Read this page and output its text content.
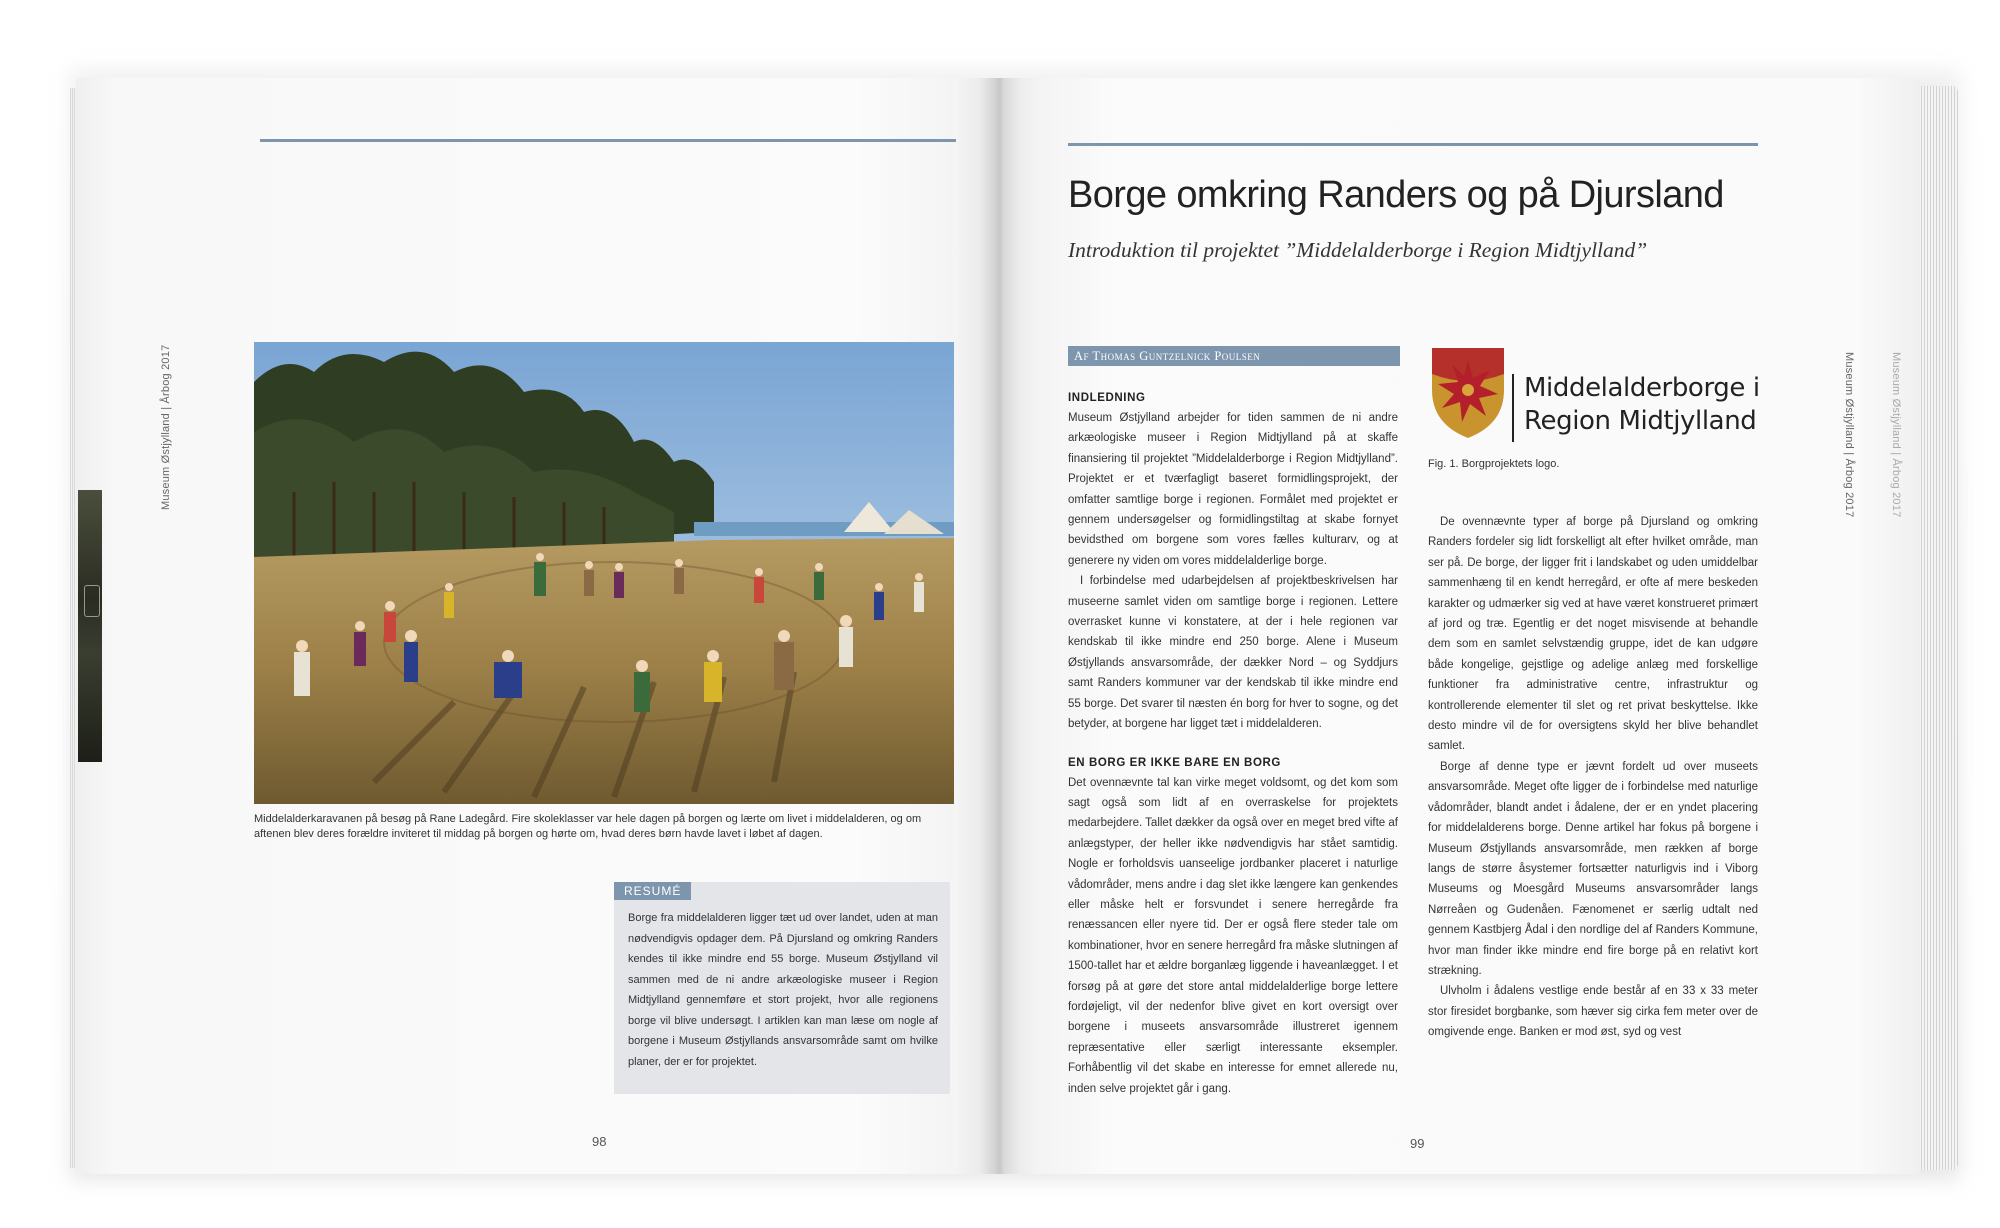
Museum Østjylland | Årbog 2017
Middelalderkaravanen på besøg på Rane Ladegård. Fire skoleklasser var hele dagen på borgen og lærte om livet i middelalderen, og om aftenen blev deres forældre inviteret til middag på borgen og hørte om, hvad deres børn havde lavet i løbet af dagen.
RESUMÉ
Borge fra middelalderen ligger tæt ud over landet, uden at man nødvendigvis opdager dem. På Djursland og omkring Randers kendes til ikke mindre end 55 borge. Museum Østjylland vil sammen med de ni andre arkæologiske museer i Region Midtjylland gennemføre et stort projekt, hvor alle regionens borge vil blive undersøgt. I artiklen kan man læse om nogle af borgene i Museum Østjyllands ansvarsområde samt om hvilke planer, der er for projektet.
98
Museum Østjylland | Årbog 2017	Museum Østjylland | Årbog 2017
Borge omkring Randers og på Djursland
Introduktion til projektet ”Middelalderborge i Region Midtjylland”
Af Thomas Guntzelnick Poulsen
INDLEDNING

Museum Østjylland arbejder for tiden sammen de ni andre arkæologiske museer i Region Midtjylland på at skaffe finansiering til projektet ”Middelalderborge i Region Midtjylland”. Projektet er et tværfagligt baseret formidlingsprojekt, der omfatter samtlige borge i regionen. Formålet med projektet er gennem undersøgelser og formidlingstiltag at skabe fornyet bevidsthed om borgene som vores fælles kulturarv, og at generere ny viden om vores middelalderlige borge.

I forbindelse med udarbejdelsen af projektbeskrivelsen har museerne samlet viden om samtlige borge i regionen. Lettere overrasket kunne vi konstatere, at der i hele regionen var kendskab til ikke mindre end 250 borge. Alene i Museum Østjyllands ansvarsområde, der dækker Nord – og Syddjurs samt Randers kommuner var der kendskab til ikke mindre end 55 borge. Det svarer til næsten én borg for hver to sogne, og det betyder, at borgene har ligget tæt i middelalderen.

EN BORG ER IKKE BARE EN BORG

Det ovennævnte tal kan virke meget voldsomt, og det kom som sagt også som lidt af en overraskelse for projektets medarbejdere. Tallet dækker da også over en meget bred vifte af anlægstyper, der heller ikke nødvendigvis har stået samtidig. Nogle er forholdsvis uanseelige jordbanker placeret i naturlige vådområder, mens andre i dag slet ikke længere kan genkendes eller måske helt er forsvundet i senere herregårde fra renæssancen eller nyere tid. Der er også flere steder tale om kombinationer, hvor en senere herregård fra måske slutningen af 1500-tallet har et ældre borganlæg liggende i haveanlægget. I et forsøg på at gøre det store antal middelalderlige borge lettere fordøjeligt, vil der nedenfor blive givet en kort oversigt over borgene i museets ansvarsområde illustreret igennem repræsentative eller særligt interessante eksempler. Forhåbentlig vil det skabe en interesse for emnet allerede nu, inden selve projektet går i gang.

Middelalderborge i
Region Midtjylland
Fig. 1. Borgprojektets logo.

De ovennævnte typer af borge på Djursland og omkring Randers fordeler sig lidt forskelligt alt efter hvilket område, man ser på. De borge, der ligger frit i landskabet og uden umiddelbar sammenhæng til en kendt herregård, er ofte af mere beskeden karakter og udmærker sig ved at have været konstrueret primært af jord og træ. Egentlig er det noget misvisende at behandle dem som en samlet selvstændig gruppe, idet de kan udgøre både kongelige, gejstlige og adelige anlæg med forskellige funktioner fra administrative centre, infrastruktur og kontrollerende elementer til slet og ret privat beskyttelse. Ikke desto mindre vil de for oversigtens skyld her blive behandlet samlet.

Borge af denne type er jævnt fordelt ud over museets ansvarsområde. Meget ofte ligger de i forbindelse med naturlige vådområder, blandt andet i ådalene, der er en yndet placering for middelalderens borge. Denne artikel har fokus på borgene i Museum Østjyllands ansvarsområde, men rækken af borge langs de større åsystemer fortsætter naturligvis ind i Viborg Museums og Moesgård Museums ansvarsområder langs Nørreåen og Gudenåen. Fænomenet er særlig udtalt ned gennem Kastbjerg Ådal i den nordlige del af Randers Kommune, hvor man finder ikke mindre end fire borge på en relativt kort strækning.

Ulvholm i ådalens vestlige ende består af en 33 x 33 meter stor firesidet borgbanke, som hæver sig cirka fem meter over de omgivende enge. Banken er mod øst, syd og vest

99
